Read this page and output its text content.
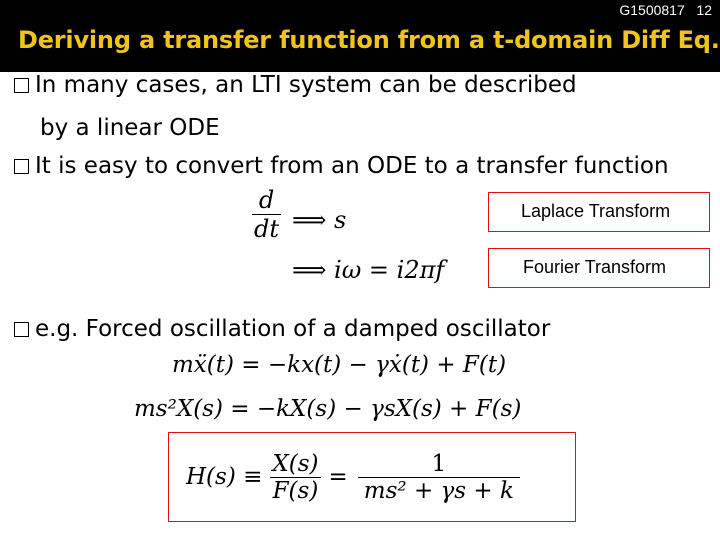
G1500817   12
Deriving a transfer function from a t-domain Diff Eq.
In many cases, an LTI system can be described
by a linear ODE
It is easy to convert from an ODE to a transfer function
$\frac{d}{dt}$ ⟹ s	Laplace Transform
⟹ iω = i2πf	Fourier Transform
e.g. Forced oscillation of a damped oscillator
mẍ(t) = −kx(t) − γẋ(t) + F(t)
ms²X(s) = −kX(s) − γsX(s) + F(s)
$H(s) \equiv \frac{X(s)}{F(s)} = \frac{1}{\text{ms² + γs + k}}$
